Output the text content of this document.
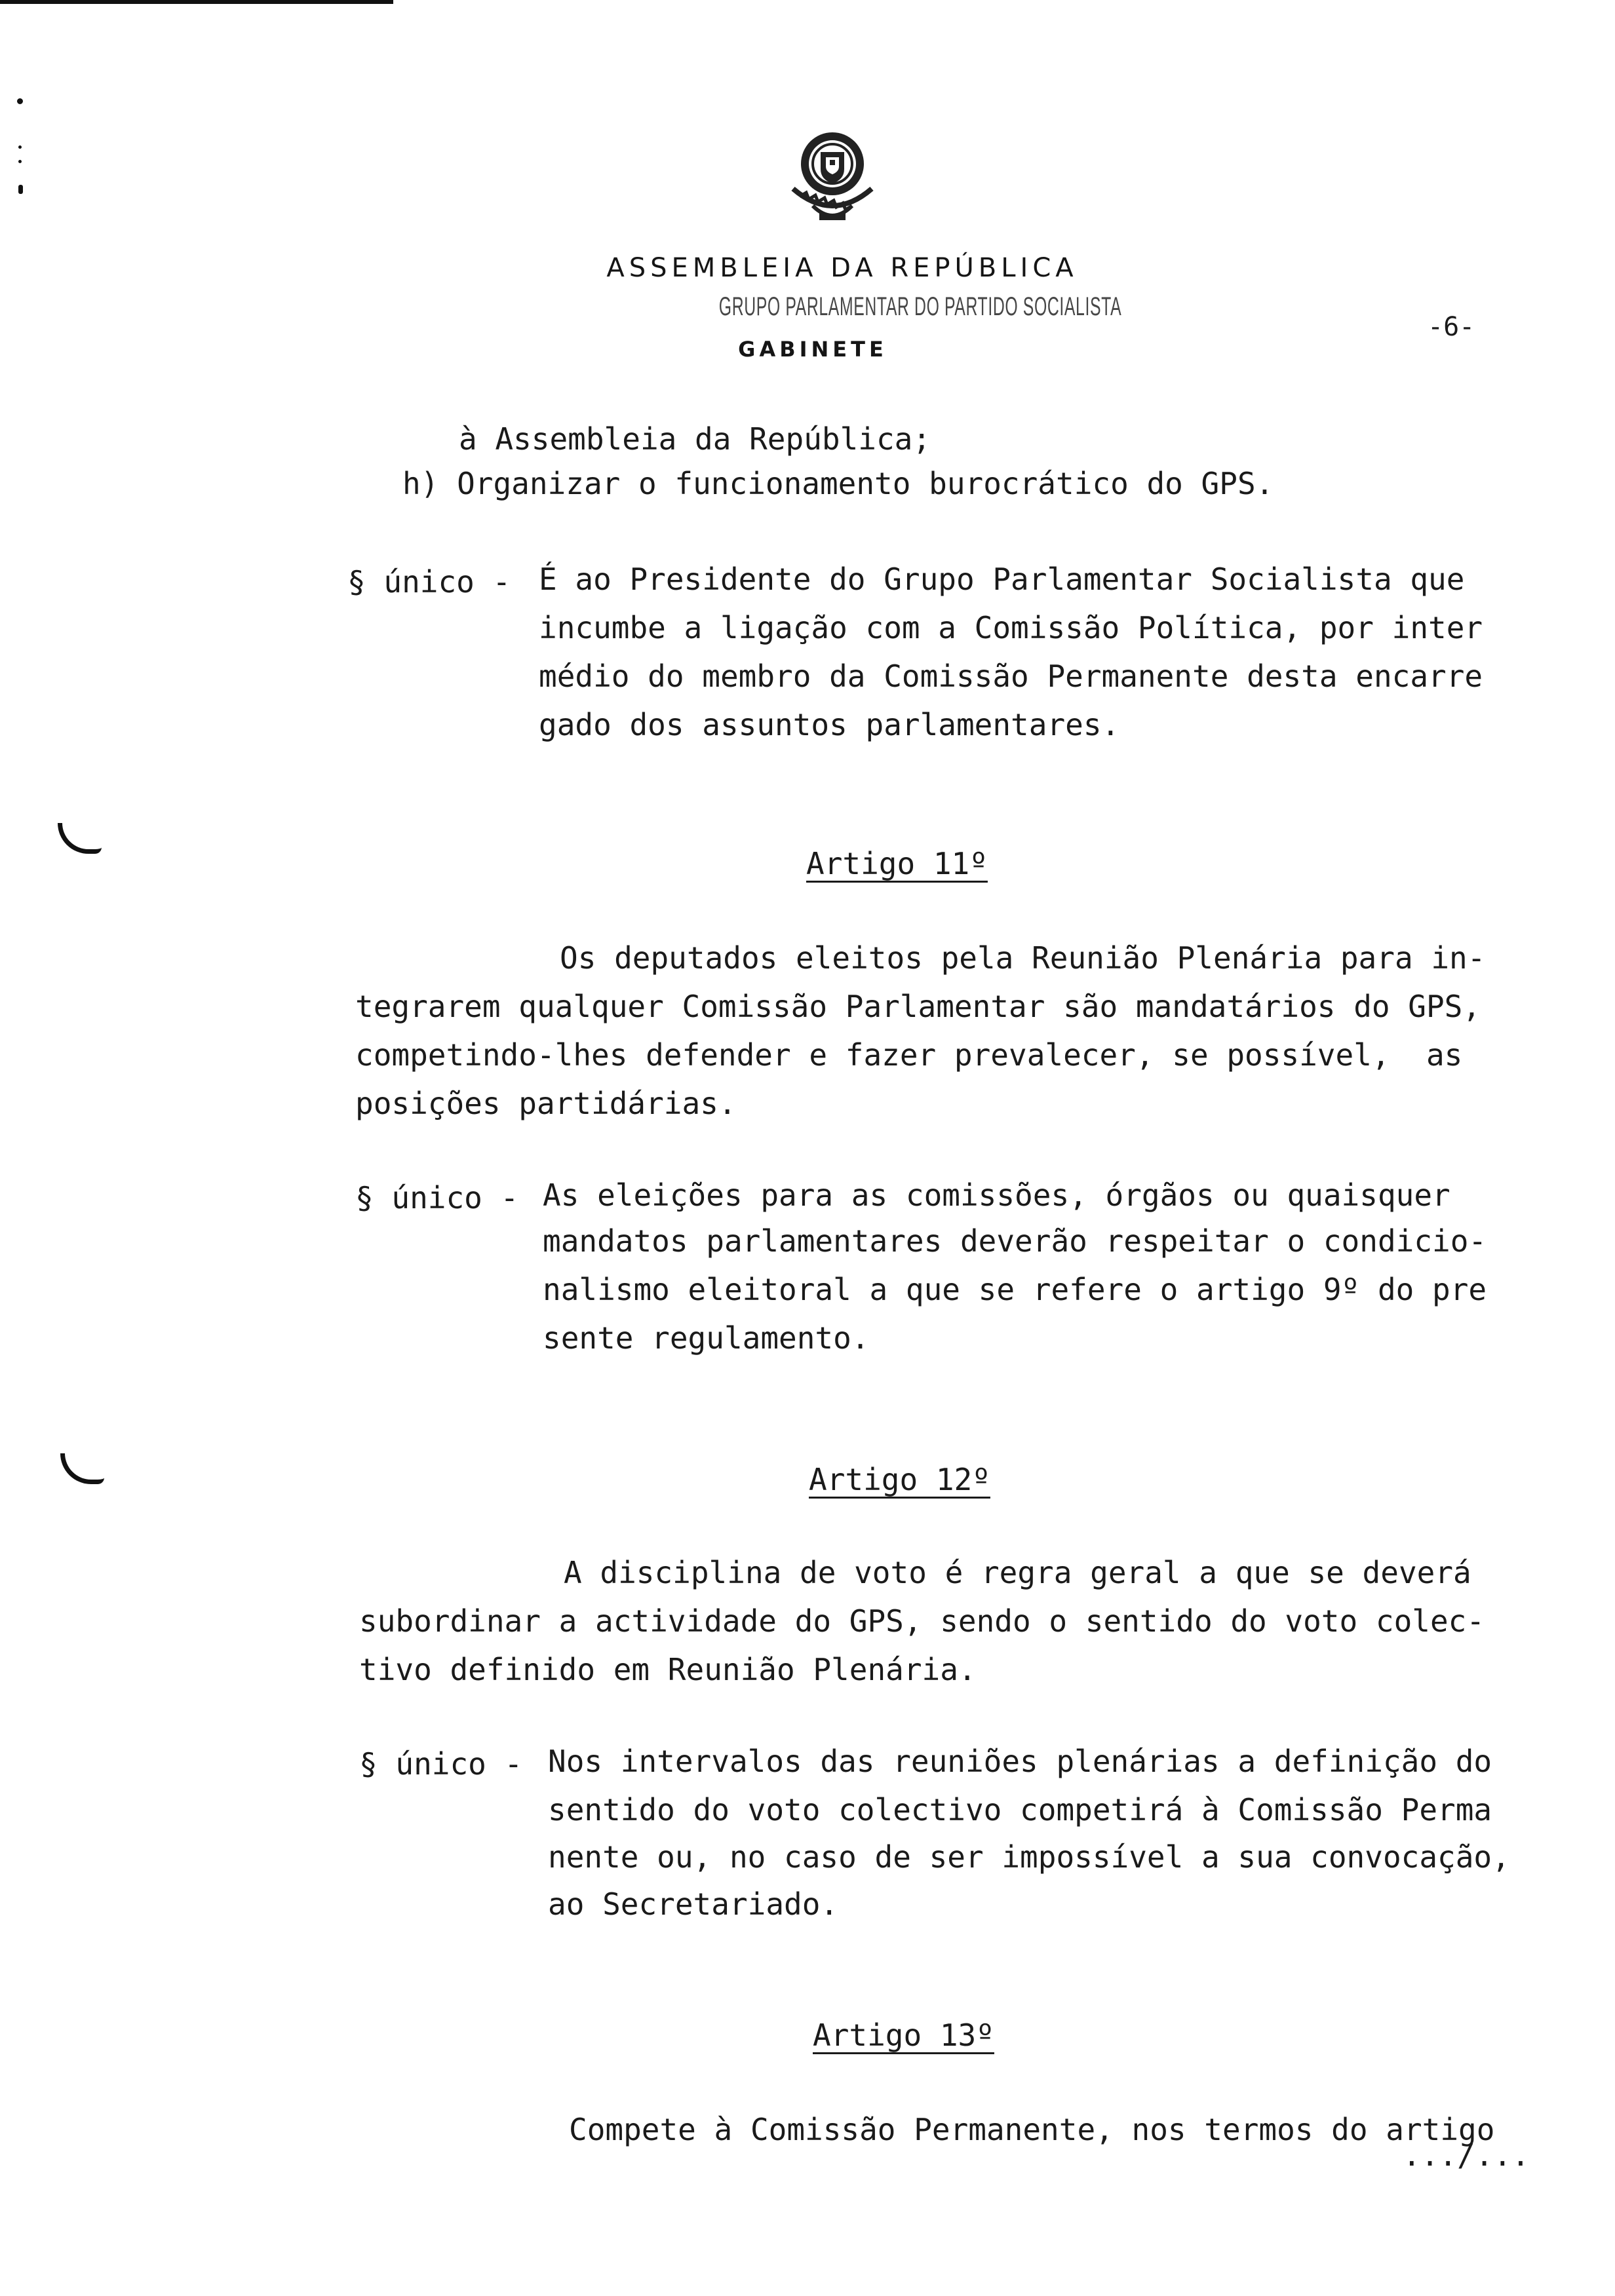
ASSEMBLEIA DA REPÚBLICA
GRUPO PARLAMENTAR DO PARTIDO SOCIALISTA
GABINETE
-6-
à Assembleia da República;
h) Organizar o funcionamento burocrático do GPS.
§ único - É ao Presidente do Grupo Parlamentar Socialista que
incumbe a ligação com a Comissão Política, por inter
médio do membro da Comissão Permanente desta encarre
gado dos assuntos parlamentares.
Artigo 11º
Os deputados eleitos pela Reunião Plenária para in-
tegrarem qualquer Comissão Parlamentar são mandatários do GPS,
competindo-lhes defender e fazer prevalecer, se possível,  as
posições partidárias.
§ único - As eleições para as comissões, órgãos ou quaisquer
mandatos parlamentares deverão respeitar o condicio-
nalismo eleitoral a que se refere o artigo 9º do pre
sente regulamento.
Artigo 12º
A disciplina de voto é regra geral a que se deverá
subordinar a actividade do GPS, sendo o sentido do voto colec-
tivo definido em Reunião Plenária.
§ único - Nos intervalos das reuniões plenárias a definição do
sentido do voto colectivo competirá à Comissão Perma
nente ou, no caso de ser impossível a sua convocação,
ao Secretariado.
Artigo 13º
Compete à Comissão Permanente, nos termos do artigo
.../...
